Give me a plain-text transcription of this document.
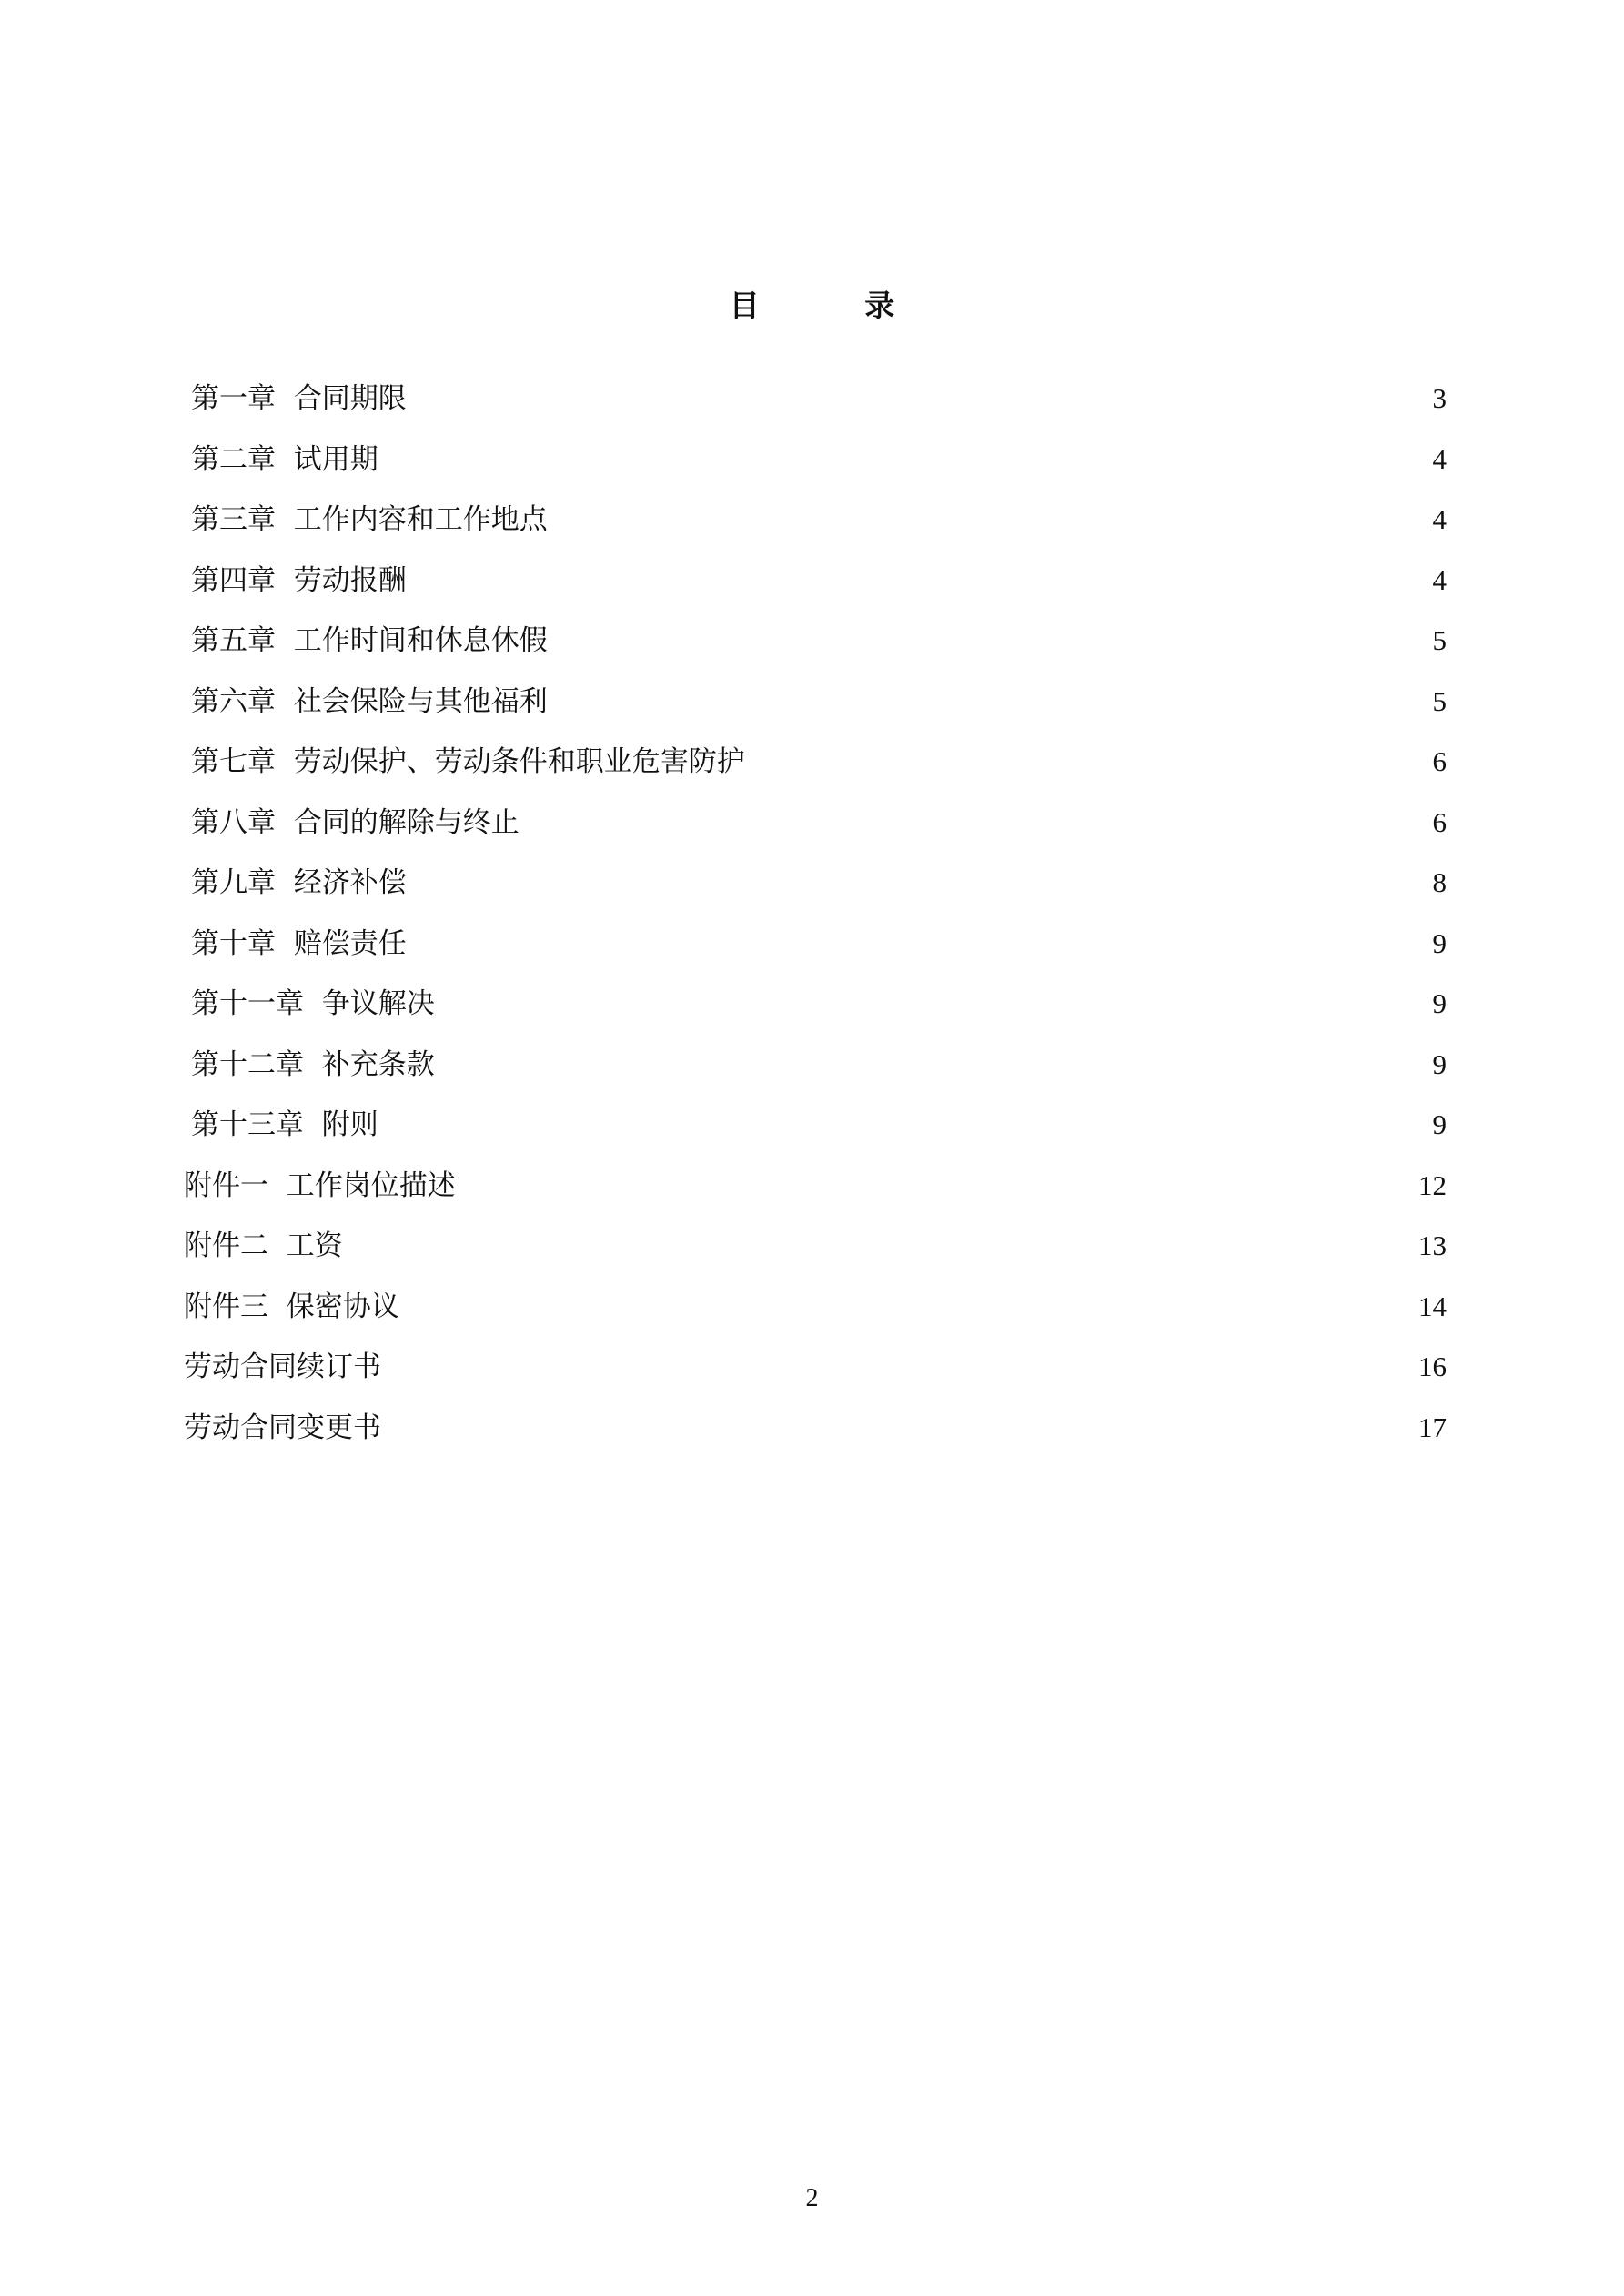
目 录
第一章  合同期限	3
第二章  试用期	4
第三章  工作内容和工作地点	4
第四章  劳动报酬	4
第五章  工作时间和休息休假	5
第六章  社会保险与其他福利	5
第七章  劳动保护、劳动条件和职业危害防护	6
第八章  合同的解除与终止	6
第九章  经济补偿	8
第十章  赔偿责任	9
第十一章  争议解决	9
第十二章  补充条款	9
第十三章  附则	9
附件一  工作岗位描述	12
附件二  工资	13
附件三  保密协议	14
劳动合同续订书	16
劳动合同变更书	17
2
